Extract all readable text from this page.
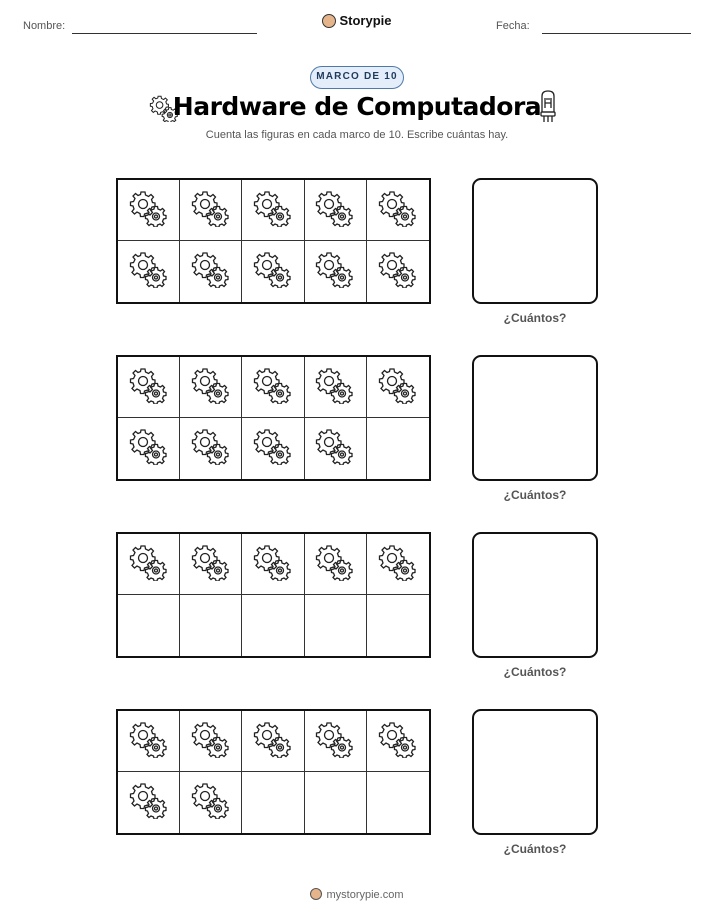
Nombre:	Storypie	Fecha:
MARCO DE 10
Hardware de Computadora
Cuenta las figuras en cada marco de 10. Escribe cuántas hay.
¿Cuántos?
¿Cuántos?
¿Cuántos?
¿Cuántos?
mystorypie.com
